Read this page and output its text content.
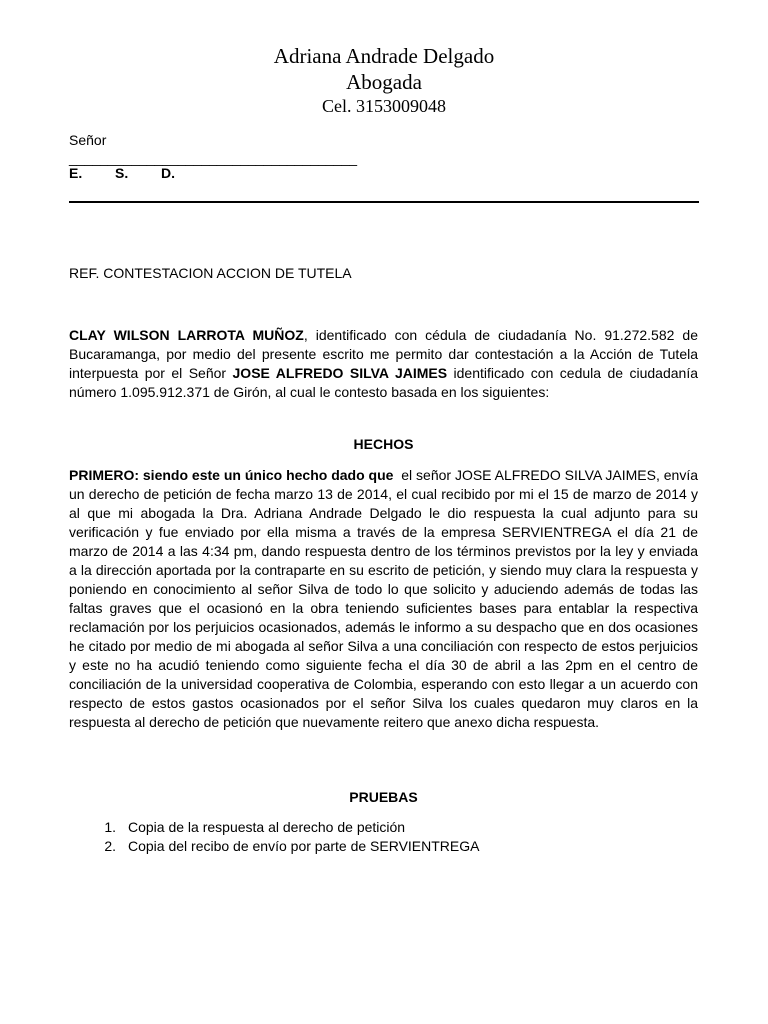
Adriana Andrade Delgado
Abogada
Cel. 3153009048
Señor
_____________________________________
E. S. D.
REF. CONTESTACION ACCION DE TUTELA
CLAY WILSON LARROTA MUÑOZ, identificado con cédula de ciudadanía No. 91.272.582 de Bucaramanga, por medio del presente escrito me permito dar contestación a la Acción de Tutela interpuesta por el Señor JOSE ALFREDO SILVA JAIMES identificado con cedula de ciudadanía número 1.095.912.371 de Girón, al cual le contesto basada en los siguientes:
HECHOS
PRIMERO: siendo este un único hecho dado que  el señor JOSE ALFREDO SILVA JAIMES, envía un derecho de petición de fecha marzo 13 de 2014, el cual recibido por mi el 15 de marzo de 2014 y al que mi abogada la Dra. Adriana Andrade Delgado le dio respuesta la cual adjunto para su verificación y fue enviado por ella misma a través de la empresa SERVIENTREGA el día 21 de marzo de 2014 a las 4:34 pm, dando respuesta dentro de los términos previstos por la ley y enviada a la dirección aportada por la contraparte en su escrito de petición, y siendo muy clara la respuesta y poniendo en conocimiento al señor Silva de todo lo que solicito y aduciendo además de todas las faltas graves que el ocasionó en la obra teniendo suficientes bases para entablar la respectiva reclamación por los perjuicios ocasionados, además le informo a su despacho que en dos ocasiones he citado por medio de mi abogada al señor Silva a una conciliación con respecto de estos perjuicios y este no ha acudió teniendo como siguiente fecha el día 30 de abril a las 2pm en el centro de conciliación de la universidad cooperativa de Colombia, esperando con esto llegar a un acuerdo con respecto de estos gastos ocasionados por el señor Silva los cuales quedaron muy claros en la respuesta al derecho de petición que nuevamente reitero que anexo dicha respuesta.
PRUEBAS
1. Copia de la respuesta al derecho de petición
2. Copia del recibo de envío por parte de SERVIENTREGA
